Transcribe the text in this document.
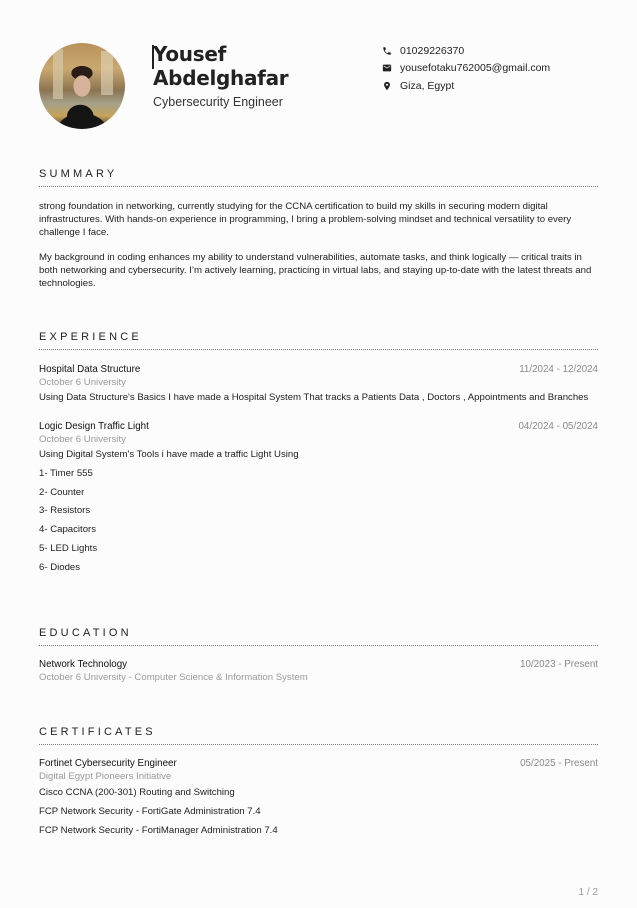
Yousef
Abdelghafar
Cybersecurity Engineer
01029226370
yousefotaku762005@gmail.com
Giza, Egypt
SUMMARY

strong foundation in networking, currently studying for the CCNA certification to build my skills in securing modern digital infrastructures. With hands-on experience in programming, I bring a problem-solving mindset and technical versatility to every challenge I face.

My background in coding enhances my ability to understand vulnerabilities, automate tasks, and think logically — critical traits in both networking and cybersecurity. I’m actively learning, practicing in virtual labs, and staying up-to-date with the latest threats and technologies.

EXPERIENCE
Hospital Data Structure	11/2024 - 12/2024
October 6 University
Using Data Structure's Basics I have made a Hospital System That tracks a Patients Data , Doctors , Appointments and Branches
Logic Design Traffic Light	04/2024 - 05/2024
October 6 University
Using Digital System's Tools i have made a traffic Light Using
1- Timer 555
2- Counter
3- Resistors
4- Capacitors
5- LED Lights
6- Diodes
EDUCATION
Network Technology	10/2023 - Present
October 6 University - Computer Science & Information System
CERTIFICATES
Fortinet Cybersecurity Engineer	05/2025 - Present
Digital Egypt Pioneers Initiative
Cisco CCNA (200-301) Routing and Switching
FCP Network Security - FortiGate Administration 7.4
FCP Network Security - FortiManager Administration 7.4
1 / 2
